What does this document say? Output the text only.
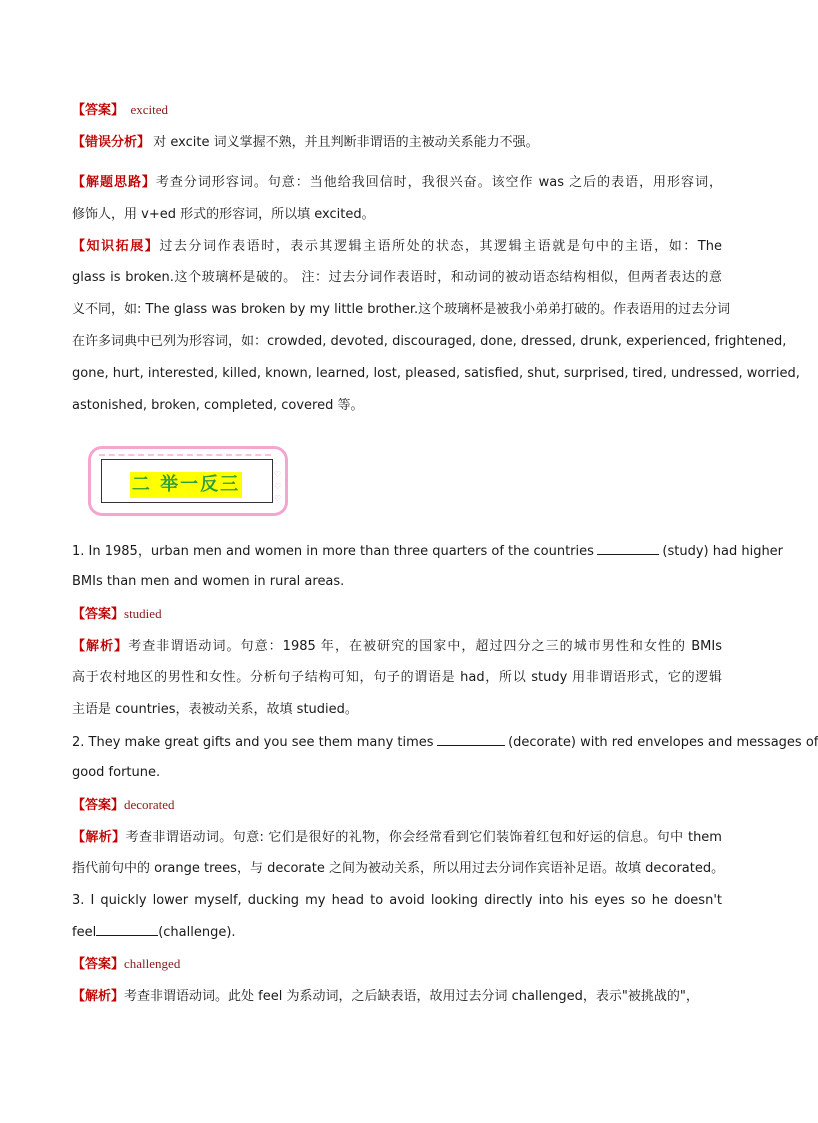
【答案】 excited
【错误分析】 对 excite 词义掌握不熟，并且判断非谓语的主被动关系能力不强。
【解题思路】考查分词形容词。句意：当他给我回信时，我很兴奋。该空作 was 之后的表语，用形容词，
修饰人，用 v+ed 形式的形容词，所以填 excited。
【知识拓展】过去分词作表语时，表示其逻辑主语所处的状态，其逻辑主语就是句中的主语，如：The
glass is broken.这个玻璃杯是破的。 注：过去分词作表语时，和动词的被动语态结构相似，但两者表达的意
义不同，如: The glass was broken by my little brother.这个玻璃杯是被我小弟弟打破的。作表语用的过去分词
在许多词典中已列为形容词，如：crowded, devoted, discouraged, done, dressed, drunk, experienced, frightened,
gone, hurt, interested, killed, known, learned, lost, pleased, satisfied, shut, surprised, tired, undressed, worried,
astonished, broken, completed, covered 等。
二 举一反三	♡
♡
♡
1. In 1985，urban men and women in more than three quarters of the countries	(study) had higher
BMIs than men and women in rural areas.
【答案】studied
【解析】考查非谓语动词。句意：1985 年，在被研究的国家中，超过四分之三的城市男性和女性的 BMIs
高于农村地区的男性和女性。分析句子结构可知，句子的谓语是 had，所以 study 用非谓语形式，它的逻辑
主语是 countries，表被动关系，故填 studied。
2. They make great gifts and you see them many times	(decorate) with red envelopes and messages of
good fortune.
【答案】decorated
【解析】考查非谓语动词。句意: 它们是很好的礼物，你会经常看到它们装饰着红包和好运的信息。句中 them
指代前句中的 orange trees，与 decorate 之间为被动关系，所以用过去分词作宾语补足语。故填 decorated。
3. I quickly lower myself, ducking my head to avoid looking directly into his eyes so he doesn't
feel	(challenge).
【答案】challenged
【解析】考查非谓语动词。此处 feel 为系动词，之后缺表语，故用过去分词 challenged，表示"被挑战的"，
